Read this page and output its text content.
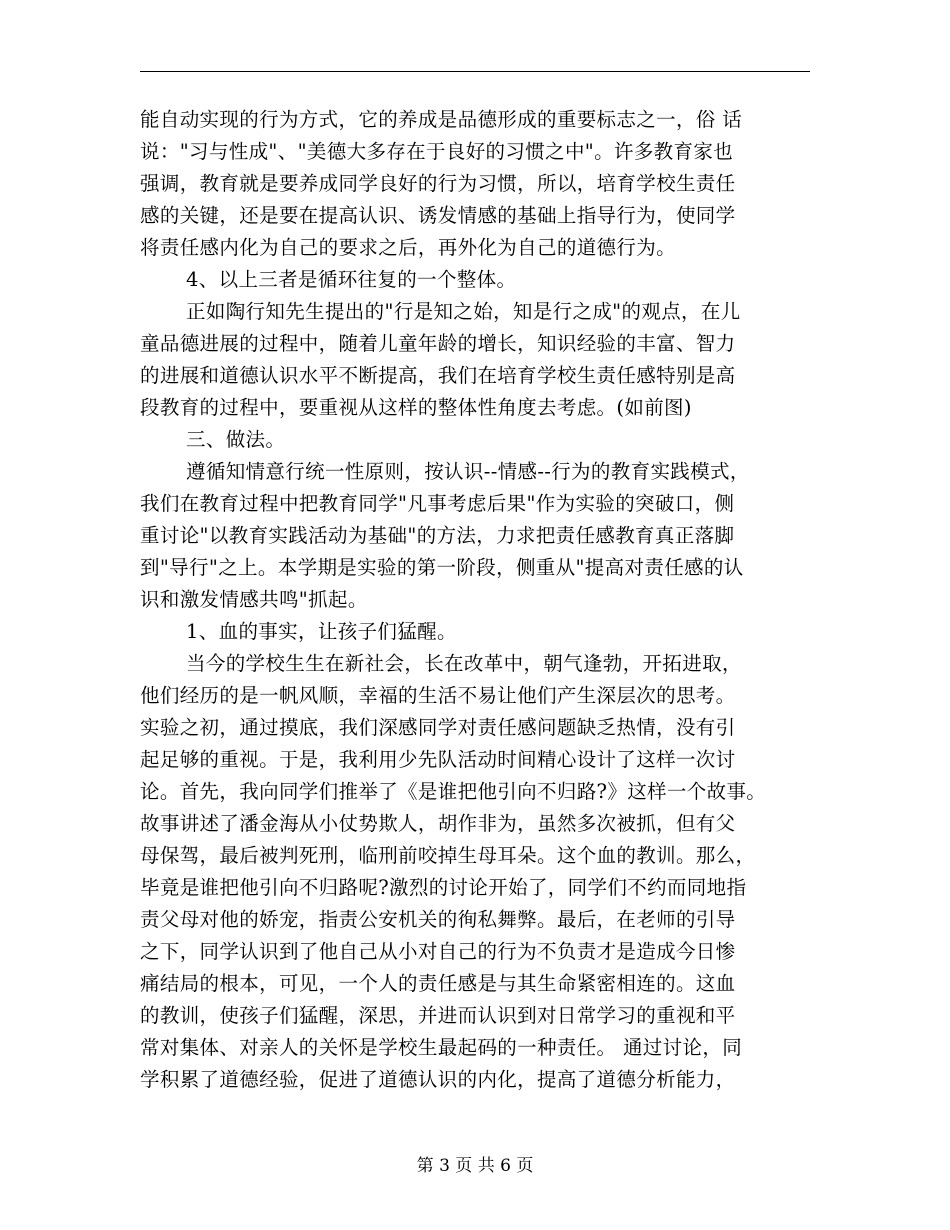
能自动实现的行为方式，它的养成是品德形成的重要标志之一，俗 话
说："习与性成"、"美德大多存在于良好的习惯之中"。许多教育家也
强调，教育就是要养成同学良好的行为习惯，所以，培育学校生责任
感的关键，还是要在提高认识、诱发情感的基础上指导行为，使同学
将责任感内化为自己的要求之后，再外化为自己的道德行为。
4、以上三者是循环往复的一个整体。
正如陶行知先生提出的"行是知之始，知是行之成"的观点，在儿
童品德进展的过程中，随着儿童年龄的增长，知识经验的丰富、智力
的进展和道德认识水平不断提高，我们在培育学校生责任感特别是高
段教育的过程中，要重视从这样的整体性角度去考虑。(如前图)
三、做法。
遵循知情意行统一性原则，按认识--情感--行为的教育实践模式，
我们在教育过程中把教育同学"凡事考虑后果"作为实验的突破口，侧
重讨论"以教育实践活动为基础"的方法，力求把责任感教育真正落脚
到"导行"之上。本学期是实验的第一阶段，侧重从"提高对责任感的认
识和激发情感共鸣"抓起。
1、血的事实，让孩子们猛醒。
当今的学校生生在新社会，长在改革中，朝气逢勃，开拓进取，
他们经历的是一帆风顺，幸福的生活不易让他们产生深层次的思考。
实验之初，通过摸底，我们深感同学对责任感问题缺乏热情，没有引
起足够的重视。于是，我利用少先队活动时间精心设计了这样一次讨
论。首先，我向同学们推举了《是谁把他引向不归路?》这样一个故事。
故事讲述了潘金海从小仗势欺人，胡作非为，虽然多次被抓，但有父
母保驾，最后被判死刑，临刑前咬掉生母耳朵。这个血的教训。那么，
毕竟是谁把他引向不归路呢?激烈的讨论开始了，同学们不约而同地指
责父母对他的娇宠，指责公安机关的徇私舞弊。最后，在老师的引导
之下，同学认识到了他自己从小对自己的行为不负责才是造成今日惨
痛结局的根本，可见，一个人的责任感是与其生命紧密相连的。这血
的教训，使孩子们猛醒，深思，并进而认识到对日常学习的重视和平
常对集体、对亲人的关怀是学校生最起码的一种责任。 通过讨论，同
学积累了道德经验，促进了道德认识的内化，提高了道德分析能力，
第 3 页 共 6 页
